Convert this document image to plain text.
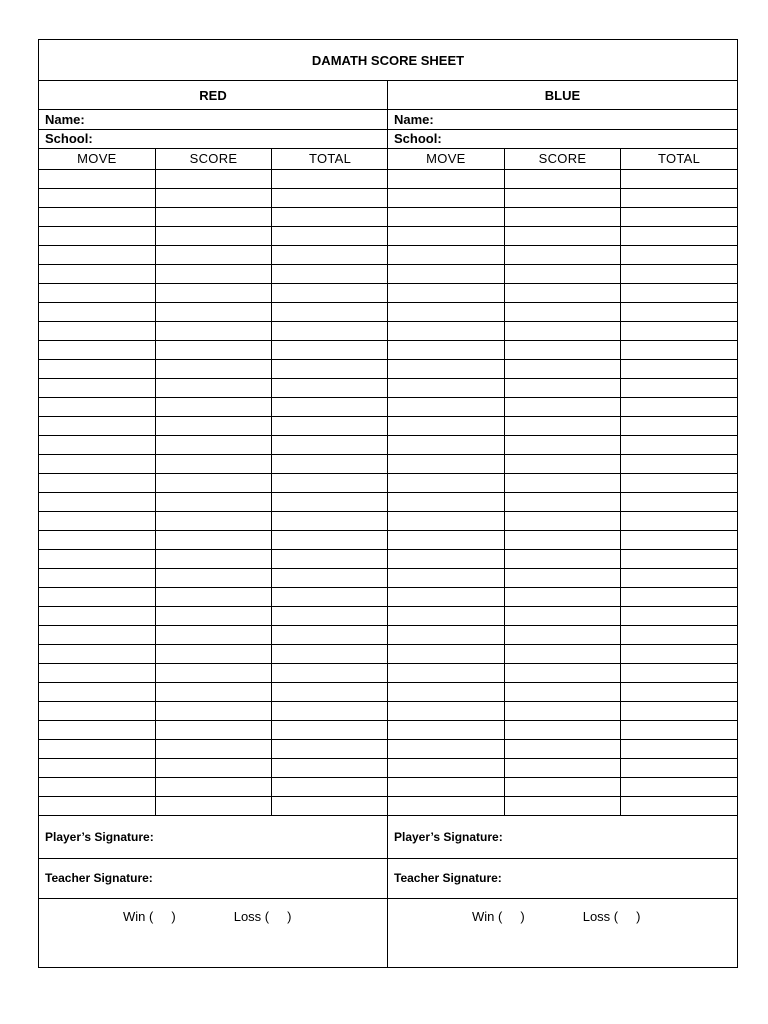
DAMATH SCORE SHEET
RED
Name:
School:
MOVE	SCORE	TOTAL

Player’s Signature:
Teacher Signature:
Win (     )	Loss (     )
BLUE
Name:
School:
MOVE	SCORE	TOTAL

Player’s Signature:
Teacher Signature:
Win (     )	Loss (     )
